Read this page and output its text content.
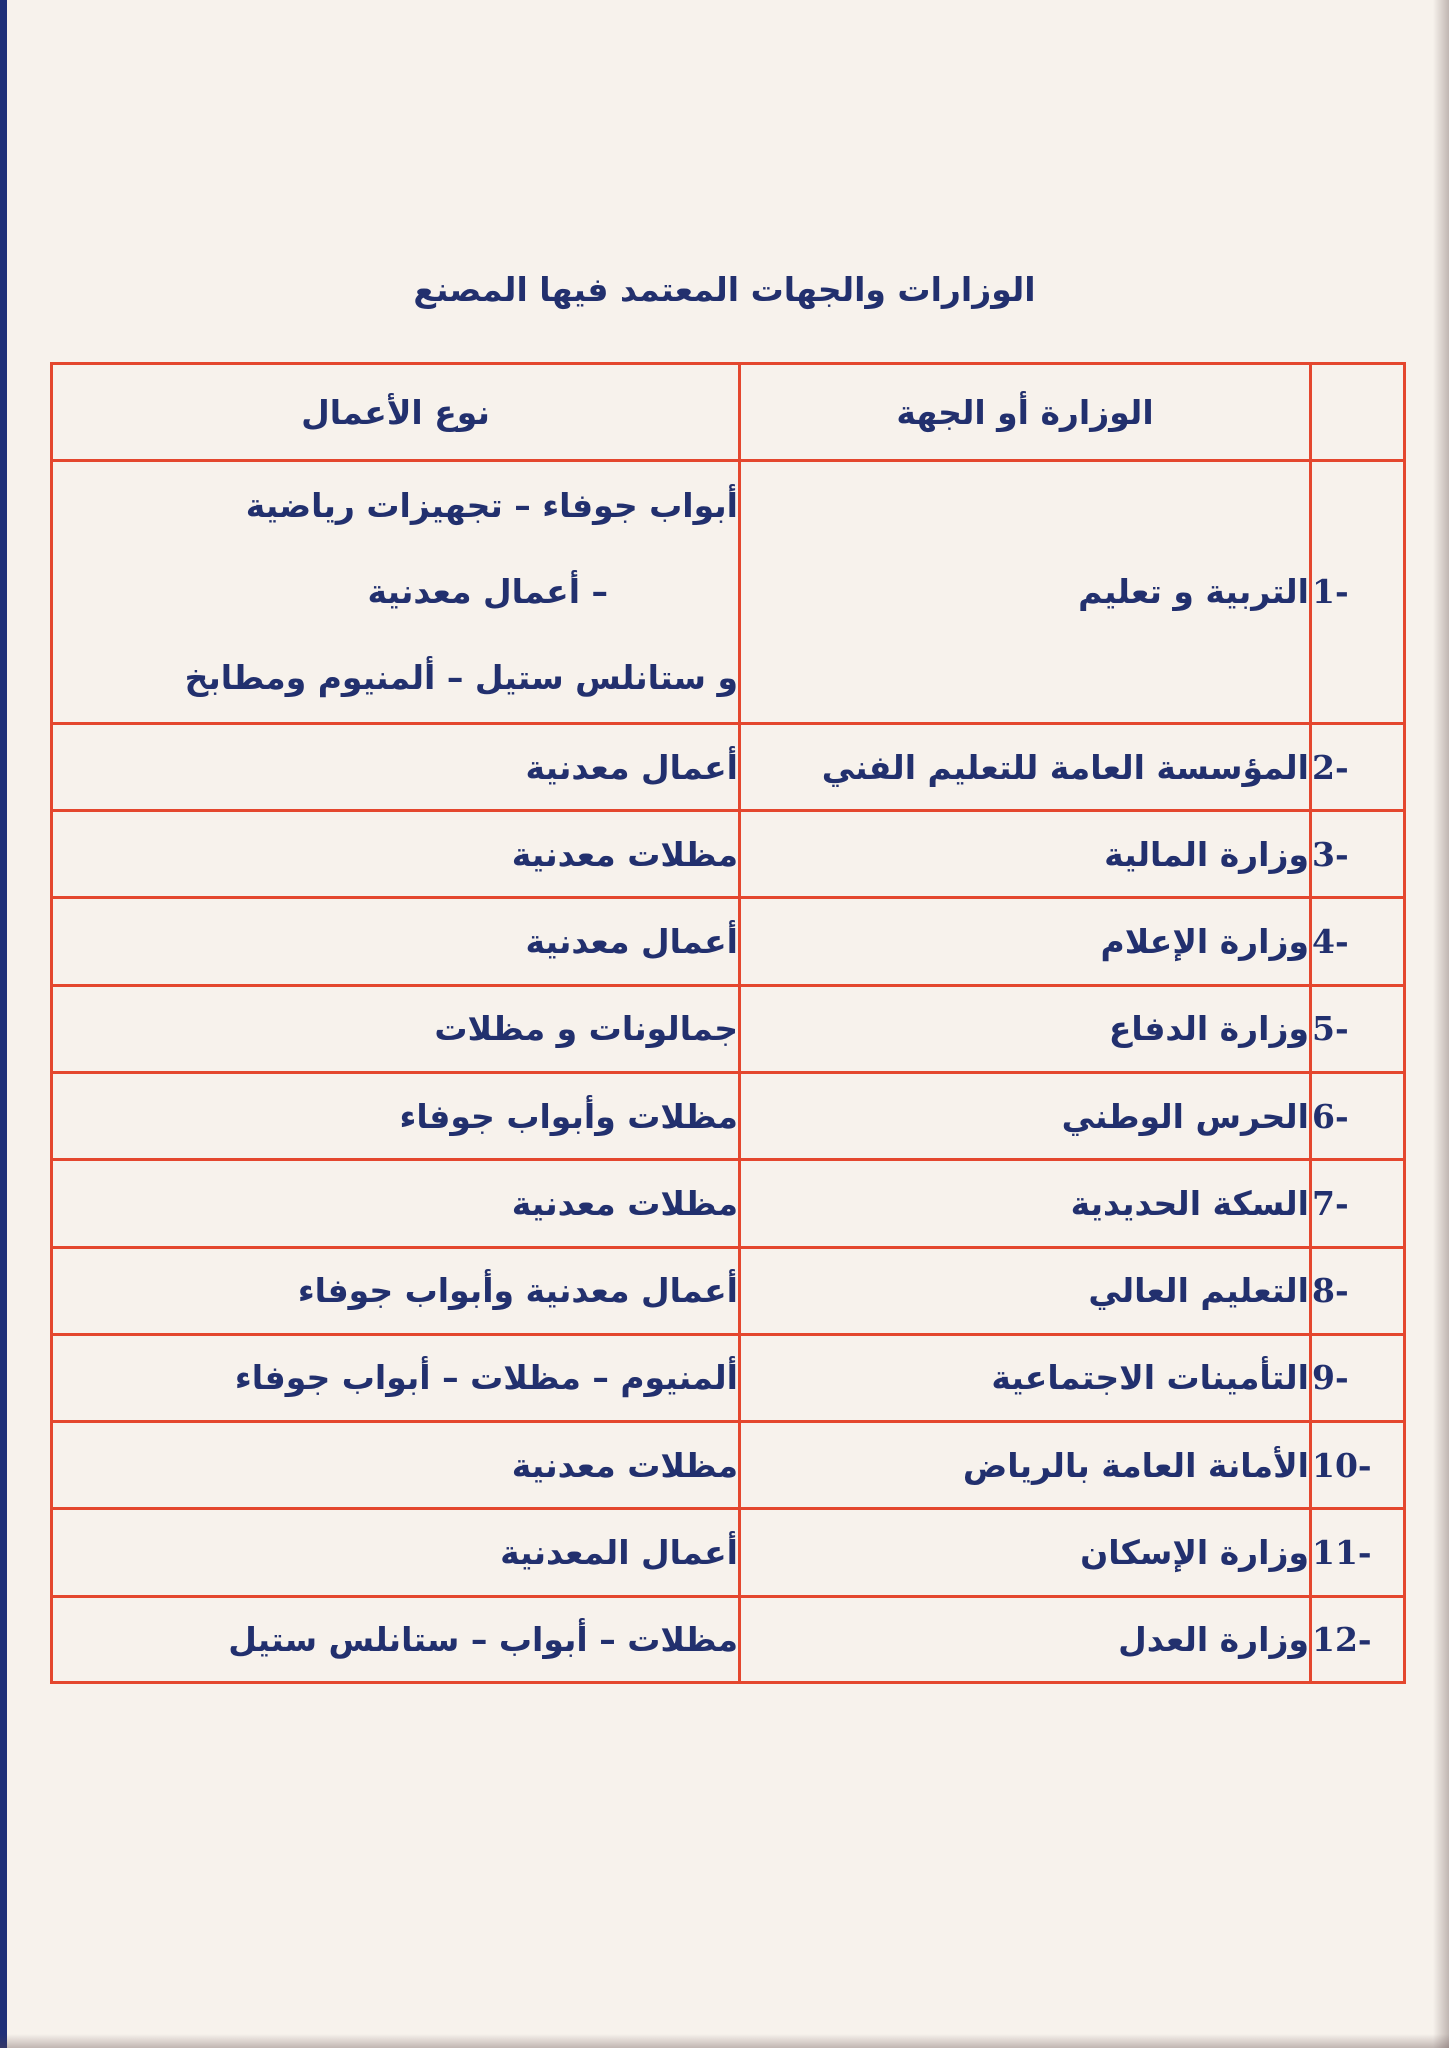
الوزارات والجهات المعتمد فيها المصنع
	الوزارة أو الجهة	نوع الأعمال
1-	التربية و تعليم	أبواب جوفاء – تجهيزات رياضية
– أعمال معدنية
و ستانلس ستيل – ألمنيوم ومطابخ

2-	المؤسسة العامة للتعليم الفني	أعمال معدنية
3-	وزارة المالية	مظلات معدنية
4-	وزارة الإعلام	أعمال معدنية
5-	وزارة الدفاع	جمالونات و مظلات
6-	الحرس الوطني	مظلات وأبواب جوفاء
7-	السكة الحديدية	مظلات معدنية
8-	التعليم العالي	أعمال معدنية وأبواب جوفاء
9-	التأمينات الاجتماعية	ألمنيوم – مظلات – أبواب جوفاء
10-	الأمانة العامة بالرياض	مظلات معدنية
11-	وزارة الإسكان	أعمال المعدنية
12-	وزارة العدل	مظلات – أبواب – ستانلس ستيل
